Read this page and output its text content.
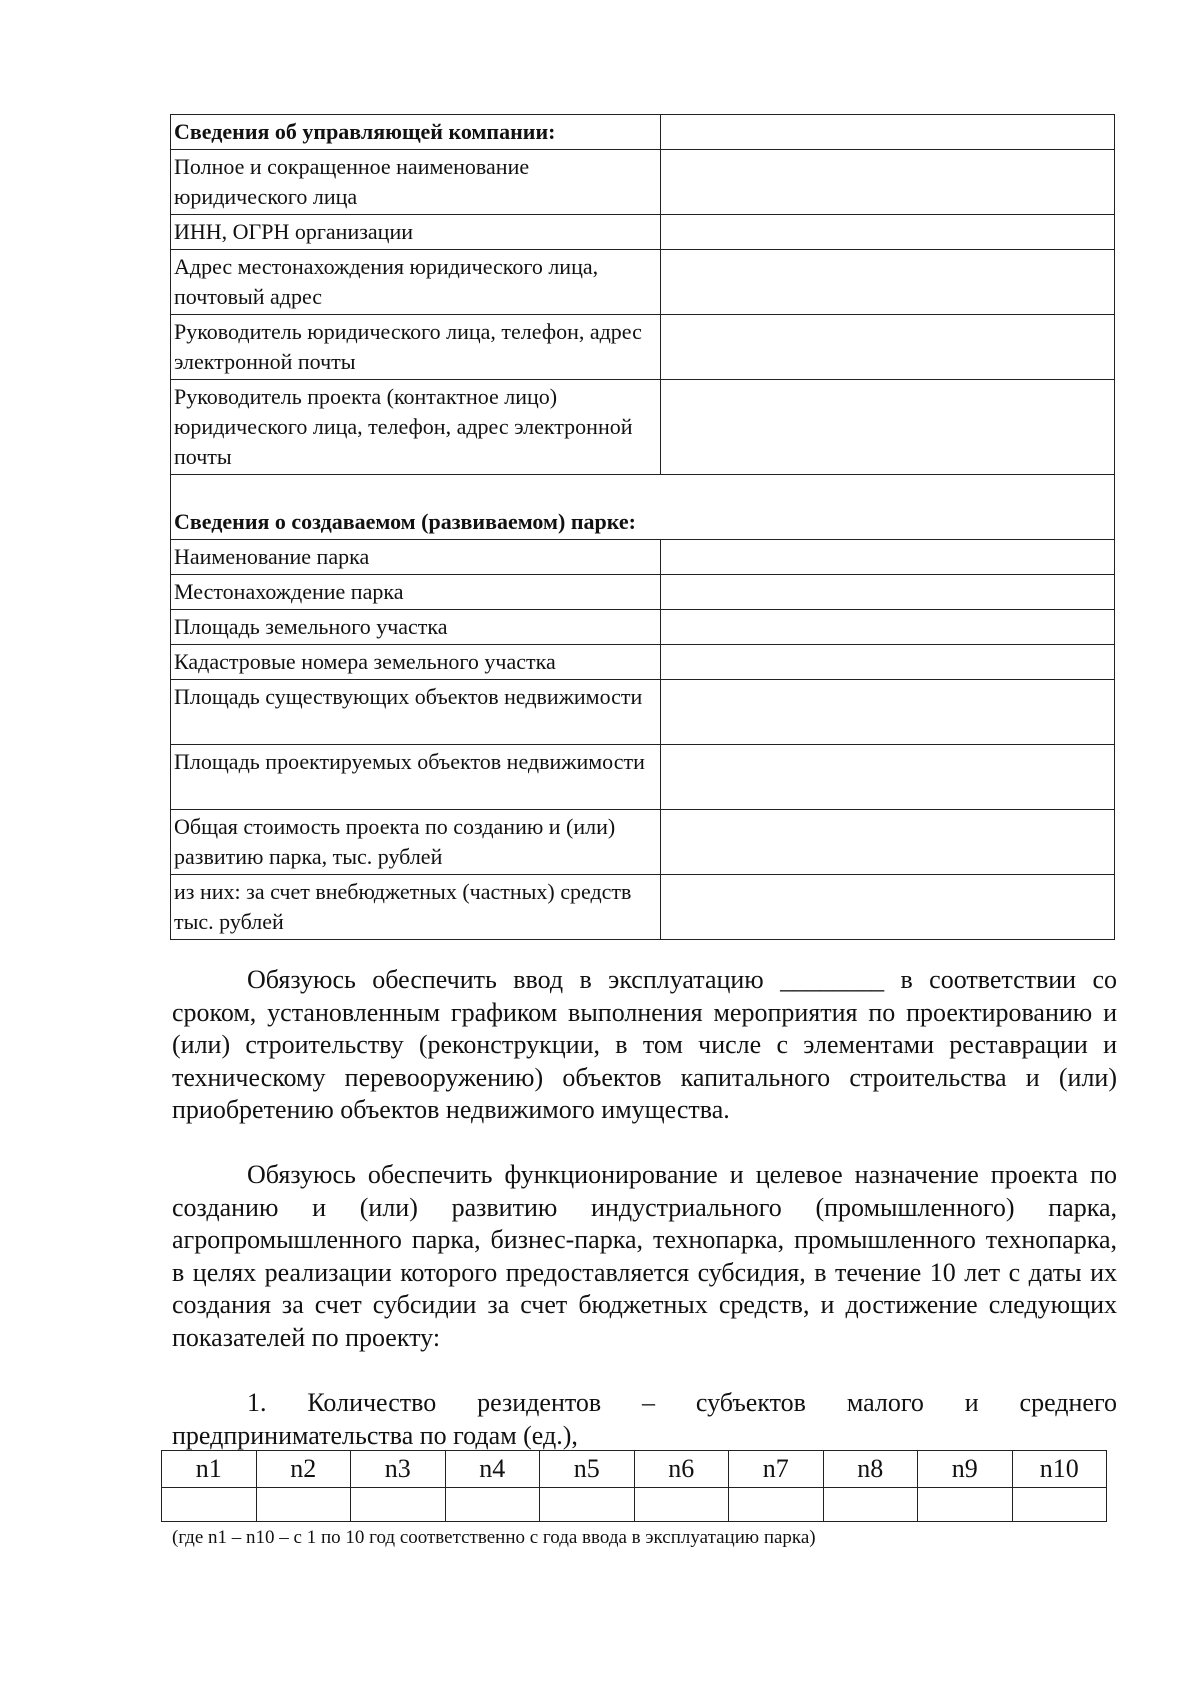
Сведения об управляющей компании:	
Полное и сокращенное наименование юридического лица	
ИНН, ОГРН организации	
Адрес местонахождения юридического лица, почтовый адрес	
Руководитель юридического лица, телефон, адрес электронной почты	
Руководитель проекта (контактное лицо) юридического лица, телефон, адрес электронной почты	
Сведения о создаваемом (развиваемом) парке:	
Наименование парка	
Местонахождение парка	
Площадь земельного участка	
Кадастровые номера земельного участка	
Площадь существующих объектов недвижимости	
Площадь проектируемых объектов недвижимости	
Общая стоимость проекта по созданию и (или) развитию парка, тыс. рублей	
из них: за счет внебюджетных (частных) средств тыс. рублей	

Обязуюсь обеспечить ввод в эксплуатацию ________ в соответствии со сроком, установленным графиком выполнения мероприятия по проектированию и (или) строительству (реконструкции, в том числе с элементами реставрации и техническому перевооружению) объектов капитального строительства и (или) приобретению объектов недвижимого имущества.

Обязуюсь обеспечить функционирование и целевое назначение проекта по созданию и (или) развитию индустриального (промышленного) парка, агропромышленного парка, бизнес-парка, технопарка, промышленного технопарка, в целях реализации которого предоставляется субсидия, в течение 10 лет с даты их создания за счет субсидии за счет бюджетных средств, и достижение следующих показателей по проекту:

1. Количество резидентов – субъектов малого и среднего предпринимательства по годам (ед.),

n1	n2	n3	n4	n5	n6	n7	n8	n9	n10

(где n1 – n10 – с 1 по 10 год соответственно с года ввода в эксплуатацию парка)
